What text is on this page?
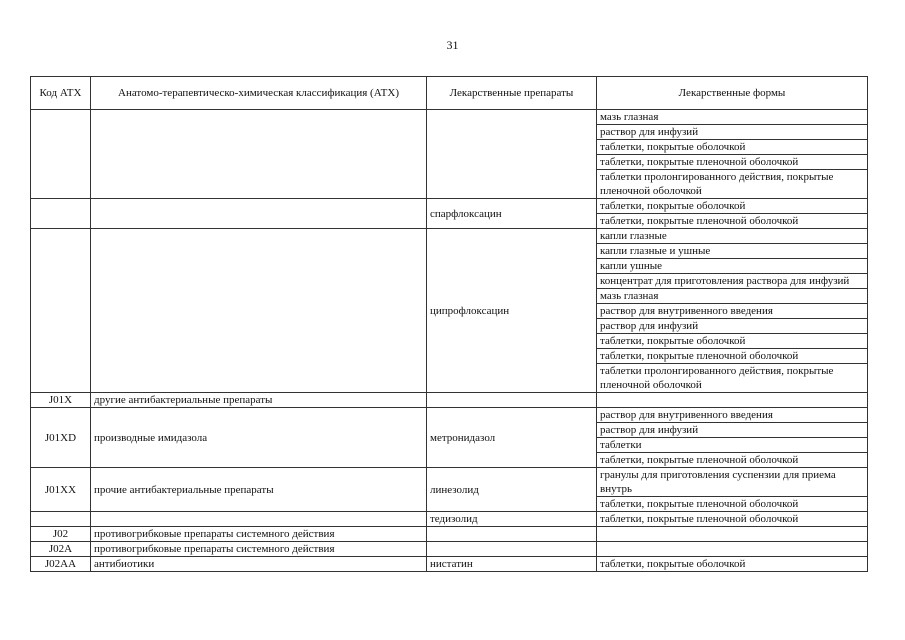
31
Код АТХ	Анатомо-терапевтическо-химическая классификация (АТХ)	Лекарственные препараты	Лекарственные формы
			мазь глазная
			раствор для инфузий
			таблетки, покрытые оболочкой
			таблетки, покрытые пленочной оболочкой
			таблетки пролонгированного действия, покрытые пленочной оболочкой
		спарфлоксацин	таблетки, покрытые оболочкой
			таблетки, покрытые пленочной оболочкой
		ципрофлоксацин	капли глазные
			капли глазные и ушные
			капли ушные
			концентрат для приготовления раствора для инфузий
			мазь глазная
			раствор для внутривенного введения
			раствор для инфузий
			таблетки, покрытые оболочкой
			таблетки, покрытые пленочной оболочкой
			таблетки пролонгированного действия, покрытые пленочной оболочкой
J01X	другие антибактериальные препараты		
J01XD	производные имидазола	метронидазол	раствор для внутривенного введения
			раствор для инфузий
			таблетки
			таблетки, покрытые пленочной оболочкой
J01XX	прочие антибактериальные препараты	линезолид	гранулы для приготовления суспензии для приема внутрь
			таблетки, покрытые пленочной оболочкой
		тедизолид	таблетки, покрытые пленочной оболочкой
J02	противогрибковые препараты системного действия		
J02A	противогрибковые препараты системного действия		
J02AA	антибиотики	нистатин	таблетки, покрытые оболочкой
